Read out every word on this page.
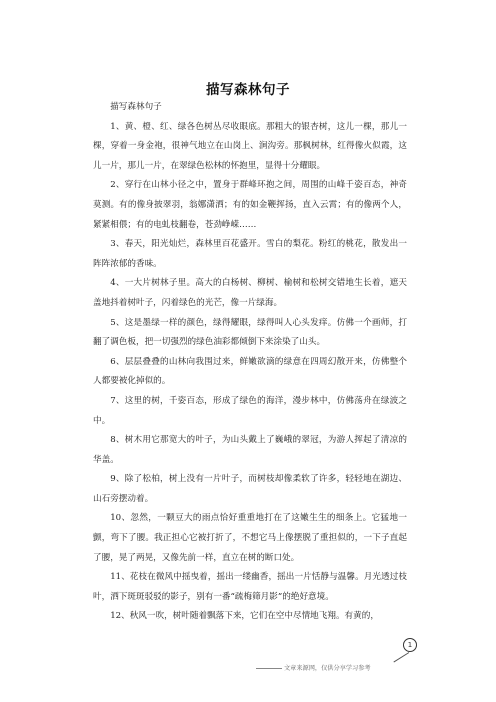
描写森林句子

描写森林句子

1、黄、橙、红、绿各色树丛尽收眼底。那粗大的银杏树，这儿一棵，那儿一棵，穿着一身金袍，很神气地立在山岗上、涧沟旁。那枫树林，红得像火似霞，这儿一片，那儿一片，在翠绿色松林的怀抱里，显得十分耀眼。

2、穿行在山林小径之中，置身于群峰环抱之间，周围的山峰千姿百态，神奇莫测。有的像身披翠羽，翁娜潇洒；有的如金鞭挥扬，直入云霄；有的像两个人，紧紧相偎；有的电虬枝翻卷，苍劲峥嵘……

3、春天，阳光灿烂，森林里百花盛开。雪白的梨花。粉红的桃花，散发出一阵阵浓郁的香味。

4、一大片树林子里。高大的白杨树、柳树、榆树和松树交错地生长着，遮天盖地抖着树叶子，闪着绿色的光芒，像一片绿海。

5、这是墨绿一样的颜色，绿得耀眼，绿得叫人心头发痒。仿佛一个画师，打翻了调色板，把一切强烈的绿色油彩都倾倒下来涂染了山头。

6、层层叠叠的山林向我围过来，鲜嫩欲滴的绿意在四周幻散开来，仿佛整个人都要被化掉似的。

7、这里的树，千姿百态，形成了绿色的海洋，漫步林中，仿佛荡舟在绿波之中。

8、树木用它那宽大的叶子，为山头戴上了巍峨的翠冠，为游人挥起了清凉的华盖。

9、除了松柏，树上没有一片叶子，而树枝却像柔软了许多，轻轻地在湖边、山石旁摆动着。

10、忽然，一颗豆大的雨点恰好重重地打在了这嫩生生的细条上。它猛地一颤，弯下了腰。我正担心它被打折了，不想它马上像摆脱了重担似的，一下子直起了腰，晃了两晃，又像先前一样，直立在树的断口处。

11、花枝在微风中摇曳着，摇出一缕幽香，摇出一片恬静与温馨。月光透过枝叶，洒下斑斑驳驳的影子，别有一番“疏梅筛月影”的绝好意境。

12、秋风一吹，树叶随着飘落下来，它们在空中尽情地飞翔。有黄的，

1
文章来源网，仅供分享学习参考
